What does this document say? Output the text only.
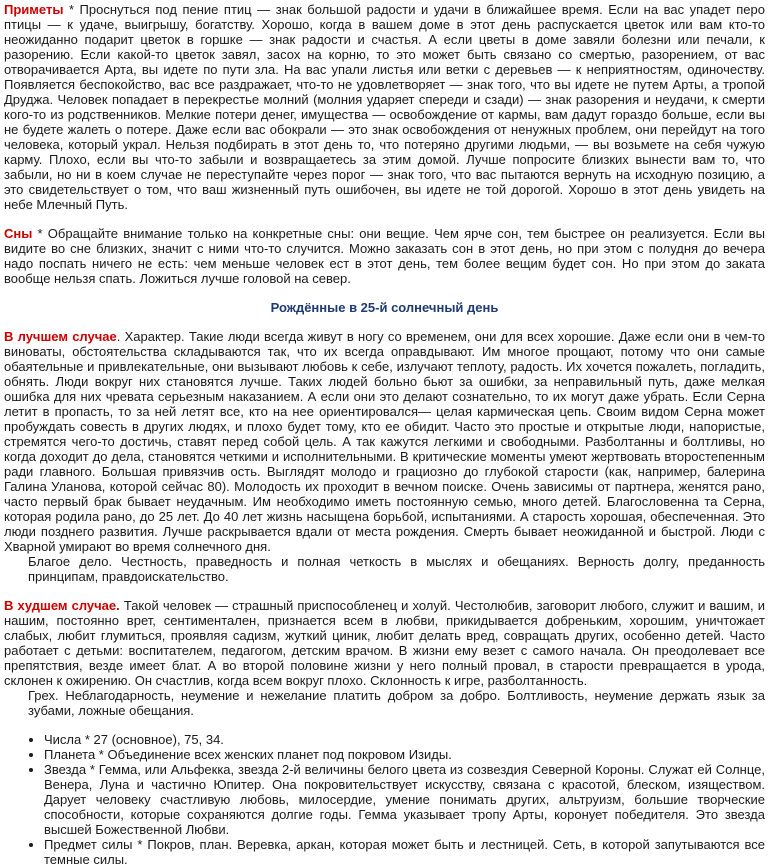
Приметы * Проснуться под пение птиц — знак большой радости и удачи в ближайшее время. Если на вас упадет перо птицы — к удаче, выигрышу, богатству. Хорошо, когда в вашем доме в этот день распускается цветок или вам кто-то неожиданно подарит цветок в горшке — знак радости и счастья. А если цветы в доме завяли болезни или печали, к разорению. Если какой-то цветок завял, засох на корню, то это может быть связано со смертью, разорением, от вас отворачивается Арта, вы идете по пути зла. На вас упали листья или ветки с деревьев — к неприятностям, одиночеству. Появляется беспокойство, вас все раздражает, что-то не удовлетворяет — знак того, что вы идете не путем Арты, а тропой Друджа. Человек попадает в перекрестье молний (молния ударяет спереди и сзади) — знак разорения и неудачи, к смерти кого-то из родственников. Мелкие потери денег, имущества — освобождение от кармы, вам дадут гораздо больше, если вы не будете жалеть о потере. Даже если вас обокрали — это знак освобождения от ненужных проблем, они перейдут на того человека, который украл. Нельзя подбирать в этот день то, что потеряно другими людьми, — вы возьмете на себя чужую карму. Плохо, если вы что-то забыли и возвращаетесь за этим домой. Лучше попросите близких вынести вам то, что забыли, но ни в коем случае не переступайте через порог — знак того, что вас пытаются вернуть на исходную позицию, а это свидетельствует о том, что ваш жизненный путь ошибочен, вы идете не той дорогой. Хорошо в этот день увидеть на небе Млечный Путь.

Сны * Обращайте внимание только на конкретные сны: они вещие. Чем ярче сон, тем быстрее он реализуется. Если вы видите во сне близких, значит с ними что-то случится. Можно заказать сон в этот день, но при этом с полудня до вечера надо поспать ничего не есть: чем меньше человек ест в этот день, тем более вещим будет сон. Но при этом до заката вообще нельзя спать. Ложиться лучше головой на север.

Рождённые в 25-й солнечный день

В лучшем случае. Характер. Такие люди всегда живут в ногу со временем, они для всех хорошие. Даже если они в чем-то виноваты, обстоятельства складываются так, что их всегда оправдывают. Им многое прощают, потому что они самые обаятельные и привлекательные, они вызывают любовь к себе, излучают теплоту, радость. Их хочется пожалеть, погладить, обнять. Люди вокруг них становятся лучше. Таких людей больно бьют за ошибки, за неправильный путь, даже мелкая ошибка для них чревата серьезным наказанием. А если они это делают сознательно, то их могут даже убрать. Если Серна летит в пропасть, то за ней летят все, кто на нее ориентировался— целая кармическая цепь. Своим видом Серна может пробуждать совесть в других людях, и плохо будет тому, кто ее обидит. Часто это простые и открытые люди, напористые, стремятся чего-то достичь, ставят перед собой цель. А так кажутся легкими и свободными. Разболтанны и болтливы, но когда доходит до дела, становятся четкими и исполнительными. В критические моменты умеют жертвовать второстепенным ради главного. Большая привязчив ость. Выглядят молодо и грациозно до глубокой старости (как, например, балерина Галина Уланова, которой сейчас 80). Молодость их проходит в вечном поиске. Очень зависимы от партнера, женятся рано, часто первый брак бывает неудачным. Им необходимо иметь постоянную семью, много детей. Благословенна та Серна, которая родила рано, до 25 лет. До 40 лет жизнь насыщена борьбой, испытаниями. А старость хорошая, обеспеченная. Это люди позднего развития. Лучше раскрывается вдали от места рождения. Смерть бывает неожиданной и быстрой. Люди с Хварной умирают во время солнечного дня.

Благое дело. Честность, праведность и полная четкость в мыслях и обещаниях. Верность долгу, преданность принципам, правдоискательство.

В худшем случае. Такой человек — страшный приспособленец и холуй. Честолюбив, заговорит любого, служит и вашим, и нашим, постоянно врет, сентиментален, признается всем в любви, прикидывается добреньким, хорошим, уничтожает слабых, любит глумиться, проявляя садизм, жуткий циник, любит делать вред, совращать других, особенно детей. Часто работает с детьми: воспитателем, педагогом, детским врачом. В жизни ему везет с самого начала. Он преодолевает все препятствия, везде имеет блат. А во второй половине жизни у него полный провал, в старости превращается в урода, склонен к ожирению. Он счастлив, когда всем вокруг плохо. Склонность к игре, разболтанность.

Грех. Неблагодарность, неумение и нежелание платить добром за добро. Болтливость, неумение держать язык за зубами, ложные обещания.

• Числа * 27 (основное), 75, 34.
• Планета * Объединение всех женских планет под покровом Изиды.
• Звезда * Гемма, или Альфекка, звезда 2-й величины белого цвета из созвездия Северной Короны. Служат ей Солнце, Венера, Луна и частично Юпитер. Она покровительствует искусству, связана с красотой, блеском, изяществом. Дарует человеку счастливую любовь, милосердие, умение понимать других, альтруизм, большие творческие способности, которые сохраняются долгие годы. Гемма указывает тропу Арты, коронует победителя. Это звезда высшей Божественной Любви.
• Предмет силы * Покров, план. Веревка, аркан, которая может быть и лестницей. Сеть, в которой запутываются все темные силы.
